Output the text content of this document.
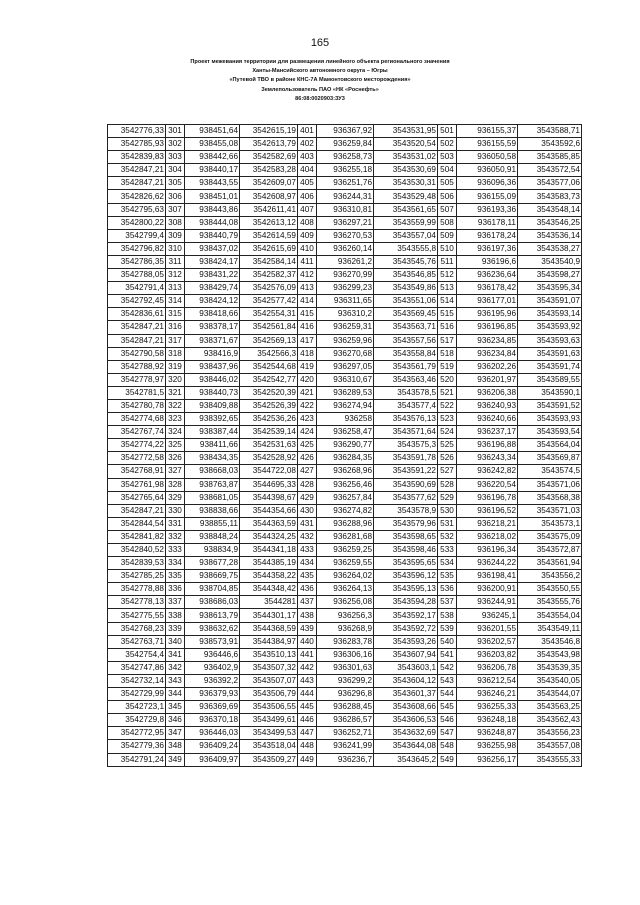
165
Проект межевания территории для размещения линейного объекта регионального значения
Ханты-Мансийского автономного округа – Югры
«Путевой ТВО в районе КНС-7А Мамонтовского месторождения»
Землепользователь ПАО «НК «Роснефть»
86:08:0020903:ЗУ3
3542776,33	301	938451,64	3542615,19	401	936367,92	3543531,95	501	936155,37	3543588,71
3542785,93	302	938455,08	3542613,79	402	936259,84	3543520,54	502	936155,59	3543592,6
3542839,83	303	938442,66	3542582,69	403	936258,73	3543531,02	503	936050,58	3543585,85
3542847,21	304	938440,17	3542583,28	404	936255,18	3543530,69	504	936050,91	3543572,54
3542847,21	305	938443,55	3542609,07	405	936251,76	3543530,31	505	936096,36	3543577,06
3542826,62	306	938451,01	3542608,97	406	936244,31	3543529,48	506	936155,09	3543583,73
3542795,63	307	938443,86	3542611,41	407	936310,81	3543561,65	507	936193,36	3543548,14
3542800,22	308	938444,08	3542613,12	408	936297,21	3543559,99	508	936178,11	3543546,25
3542799,4	309	938440,79	3542614,59	409	936270,53	3543557,04	509	936178,24	3543536,14
3542796,82	310	938437,02	3542615,69	410	936260,14	3543555,8	510	936197,36	3543538,27
3542786,35	311	938424,17	3542584,14	411	936261,2	3543545,76	511	936196,6	3543540,9
3542788,05	312	938431,22	3542582,37	412	936270,99	3543546,85	512	936236,64	3543598,27
3542791,4	313	938429,74	3542576,09	413	936299,23	3543549,86	513	936178,42	3543595,34
3542792,45	314	938424,12	3542577,42	414	936311,65	3543551,06	514	936177,01	3543591,07
3542836,61	315	938418,66	3542554,31	415	936310,2	3543569,45	515	936195,96	3543593,14
3542847,21	316	938378,17	3542561,84	416	936259,31	3543563,71	516	936196,85	3543593,92
3542847,21	317	938371,67	3542569,13	417	936259,96	3543557,56	517	936234,85	3543593,63
3542790,58	318	938416,9	3542566,3	418	936270,68	3543558,84	518	936234,84	3543591,63
3542788,92	319	938437,96	3542544,68	419	936297,05	3543561,79	519	936202,26	3543591,74
3542778,97	320	938446,02	3542542,77	420	936310,67	3543563,46	520	936201,97	3543589,55
3542781,5	321	938440,73	3542520,39	421	936289,53	3543578,5	521	936206,38	3543590,1
3542780,78	322	938409,88	3542526,39	422	936274,94	3543577,4	522	936240,93	3543591,52
3542774,68	323	938392,65	3542536,26	423	936258	3543576,13	523	936240,66	3543593,93
3542767,74	324	938387,44	3542539,14	424	936258,47	3543571,64	524	936237,17	3543593,54
3542774,22	325	938411,66	3542531,63	425	936290,77	3543575,3	525	936196,88	3543564,04
3542772,58	326	938434,35	3542528,92	426	936284,35	3543591,78	526	936243,34	3543569,87
3542768,91	327	938668,03	3544722,08	427	936268,96	3543591,22	527	936242,82	3543574,5
3542761,98	328	938763,87	3544695,33	428	936256,46	3543590,69	528	936220,54	3543571,06
3542765,64	329	938681,05	3544398,67	429	936257,84	3543577,62	529	936196,78	3543568,38
3542847,21	330	938838,66	3544354,66	430	936274,82	3543578,9	530	936196,52	3543571,03
3542844,54	331	938855,11	3544363,59	431	936288,96	3543579,96	531	936218,21	3543573,1
3542841,82	332	938848,24	3544324,25	432	936281,68	3543598,65	532	936218,02	3543575,09
3542840,52	333	938834,9	3544341,18	433	936259,25	3543598,46	533	936196,34	3543572,87
3542839,53	334	938677,28	3544385,19	434	936259,55	3543595,65	534	936244,22	3543561,94
3542785,25	335	938669,75	3544358,22	435	936264,02	3543596,12	535	936198,41	3543556,2
3542778,88	336	938704,85	3544348,42	436	936264,13	3543595,13	536	936200,91	3543550,55
3542778,13	337	938686,03	3544281	437	936256,08	3543594,28	537	936244,91	3543555,76
3542775,55	338	938613,79	3544301,17	438	936256,3	3543592,17	538	936245,1	3543554,04
3542768,23	339	938632,62	3544368,59	439	936268,9	3543592,72	539	936201,55	3543549,11
3542763,71	340	938573,91	3544384,97	440	936283,78	3543593,26	540	936202,57	3543546,8
3542754,4	341	936446,6	3543510,13	441	936306,16	3543607,94	541	936203,82	3543543,98
3542747,86	342	936402,9	3543507,32	442	936301,63	3543603,1	542	936206,78	3543539,35
3542732,14	343	936392,2	3543507,07	443	936299,2	3543604,12	543	936212,54	3543540,05
3542729,99	344	936379,93	3543506,79	444	936296,8	3543601,37	544	936246,21	3543544,07
3542723,1	345	936369,69	3543506,55	445	936288,45	3543608,66	545	936255,33	3543563,25
3542729,8	346	936370,18	3543499,61	446	936286,57	3543606,53	546	936248,18	3543562,43
3542772,95	347	936446,03	3543499,53	447	936252,71	3543632,69	547	936248,87	3543556,23
3542779,36	348	936409,24	3543518,04	448	936241,99	3543644,08	548	936255,98	3543557,08
3542791,24	349	936409,97	3543509,27	449	936236,7	3543645,2	549	936256,17	3543555,33
